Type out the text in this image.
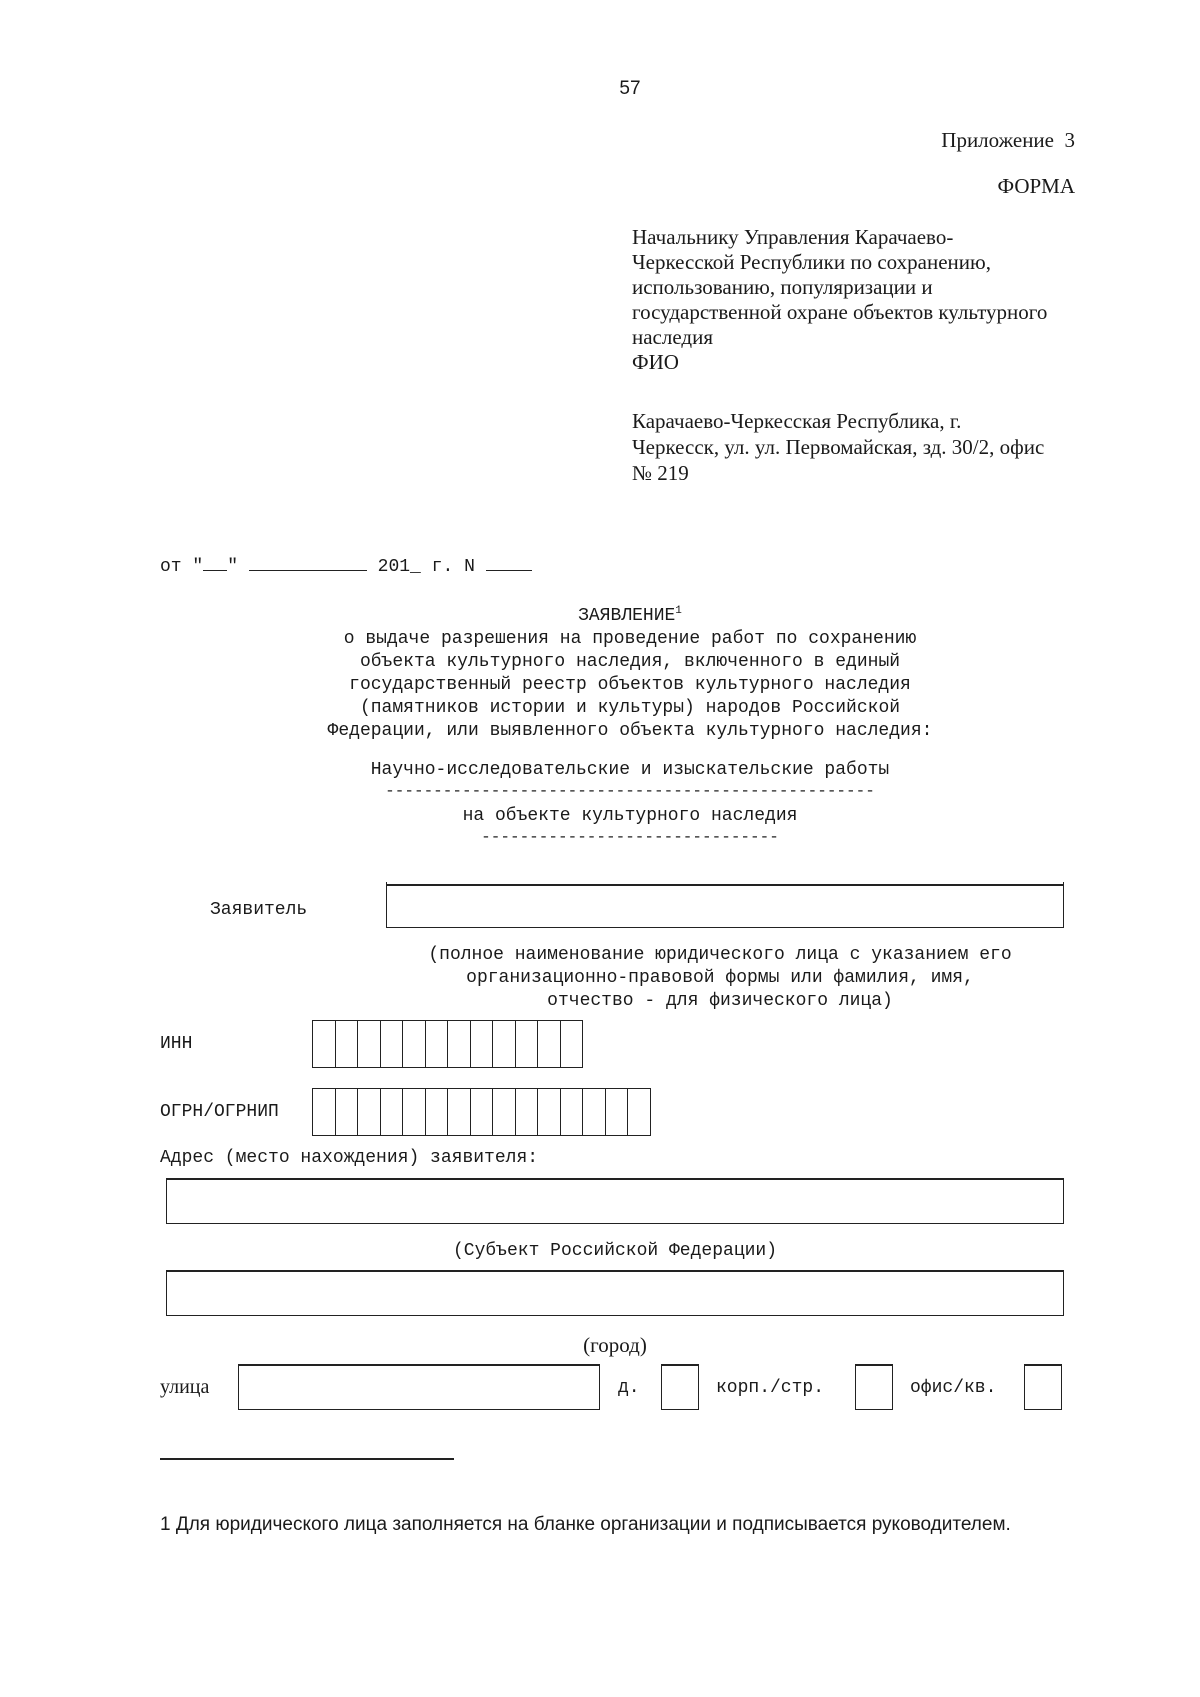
57
Приложение  3
ФОРМА
Начальнику Управления Карачаево-
Черкесской Республики по сохранению,
использованию, популяризации и
государственной охране объектов культурного
наследия
ФИО
Карачаево-Черкесская Республика, г.
Черкесск, ул. ул. Первомайская, зд. 30/2, офис
№ 219
от " "	201_ г. N
ЗАЯВЛЕНИЕ$^1$
о выдаче разрешения на проведение работ по сохранению
объекта культурного наследия, включенного в единый
государственный реестр объектов культурного наследия
(памятников истории и культуры) народов Российской
Федерации, или выявленного объекта культурного наследия:
Научно-исследовательские и изыскательские работы
---------------------------------------------------
на объекте культурного наследия
-------------------------------
Заявитель
(полное наименование юридического лица с указанием его
организационно-правовой формы или фамилия, имя,
отчество - для физического лица)
ИНН
ОГРН/ОГРНИП
Адрес (место нахождения) заявителя:
(Субъект Российской Федерации)
(город)
улица	д.	корп./стр.	офис/кв.
1 Для юридического лица заполняется на бланке организации и подписывается руководителем.
